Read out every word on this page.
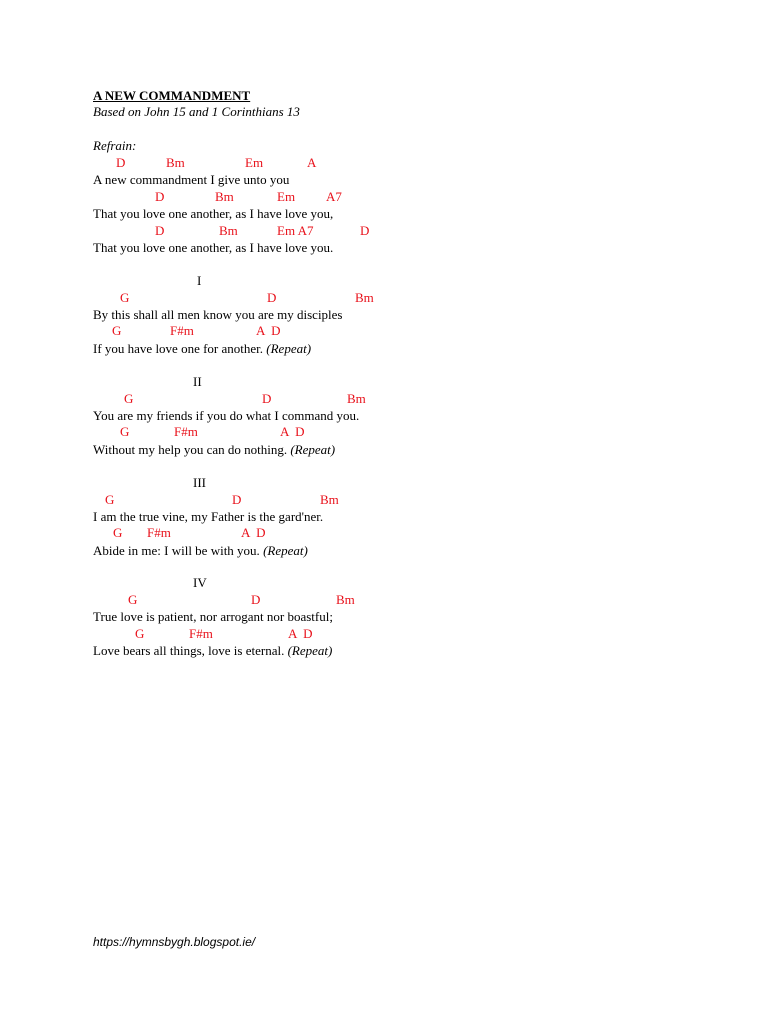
A NEW COMMANDMENT
Based on John 15 and 1 Corinthians 13
Refrain:
D	Bm	Em	A
A new commandment I give unto you
D	Bm	Em A7
That you love one another, as I have love you,
D	Bm	Em A7	D
That you love one another, as I have love you.
I
G	D	Bm
By this shall all men know you are my disciples
G	F#m	A  D
If you have love one for another. (Repeat)
II
G	D	Bm
You are my friends if you do what I command you.
G	F#m	A  D
Without my help you can do nothing. (Repeat)
III
G	D	Bm
I am the true vine, my Father is the gard'ner.
G F#m	A  D
Abide in me: I will be with you. (Repeat)
IV
G	D	Bm
True love is patient, nor arrogant nor boastful;
G	F#m	A  D
Love bears all things, love is eternal. (Repeat)
https://hymnsbygh.blogspot.ie/
